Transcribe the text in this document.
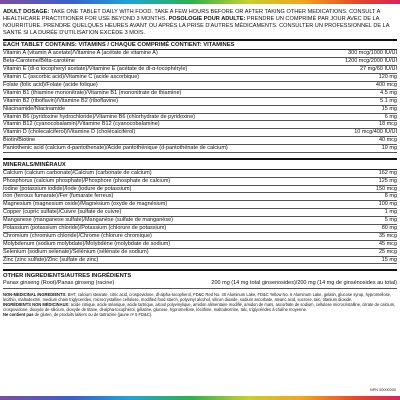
ADULT DOSAGE: TAKE ONE TABLET DAILY WITH FOOD. TAKE A FEW HOURS BEFORE OR AFTER TAKING OTHER MEDICATIONS. CONSULT A HEALTHCARE PRACTITIONER FOR USE BEYOND 3 MONTHS. POSOLOGIE POUR ADULTE: PRENDRE UN COMPRIMÉ PAR JOUR AVEC DE LA NOURRITURE. PRENDRE QUELQUES HEURES AVANT OU APRÈS LA PRISE D'AUTRES MÉDICAMENTS. CONSULTER UN PROFESSIONNEL DE LA SANTÉ SI LA DURÉE D'UTILISATION EXCÈDE 3 MOIS.
EACH TABLET CONTAINS: VITAMINS / CHAQUE COMPRIMÉ CONTIENT: VITAMINES
Vitamin A (vitamin A acetate)/Vitamine A (acétate de vitamine A)	300 mcg/1000 IU/UI
Beta-Carotene/Bêta-carotène	1200 mcg/2000 IU/UI
Vitamin E (dl-α tocopheryl acetate)/Vitamine E (acétate de dl-α-tocophéryle)	27 mg/60 IU/UI
Vitamin C (ascorbic acid)/Vitamine C (acide ascorbique)	120 mg
Folate (folic acid)/Folate (acide folique)	400 mcg
Vitamin B1 (thiamine mononitrate)/Vitamine B1 (mononitrate de thiamine)	4.5 mg
Vitamin B2 (riboflavin)/Vitamine B2 (riboflavine)	5.1 mg
Niacinamide/Niacinamide	15 mg
Vitamin B6 (pyridoxine hydrochloride)/Vitamine B6 (chlorhydrate de pyridoxine)	6 mg
Vitamin B12 (cyanocobalamin)/Vitamine B12 (cyanocobalamine)	18 mcg
Vitamin D (cholecalciferol)/Vitamine D (cholécalciférol)	10 mcg/400 IU/UI
Biotin/Biotine	40 mcg
Pantothenic acid (calcium d-pantothenate)/Acide pantothénique (d-pantothénate de calcium)	10 mg
MINERALS/MINÉRAUX
Calcium (calcium carbonate)/Calcium (carbonate de calcium)	162 mg
Phosphorus (calcium phosphate)/Phosphore (phosphate de calcium)	125 mg
Iodine (potassium iodide)/Iode (iodure de potassium)	150 mcg
Iron (ferrous fumarate)/Fer (fumarate ferreux)	8 mg
Magnesium (magnesium oxide)/Magnésium (oxyde de magnésium)	100 mg
Copper (cupric sulfate)/Cuivre (sulfate de cuivre)	1 mg
Manganese (manganese sulfate)/Manganèse (sulfate de manganèse)	5 mg
Potassium (potassium chloride)/Potassium (chlorure de potassium)	80 mg
Chromium (chromium chloride)/Chrome (chlorure chromique)	35 mcg
Molybdenum (sodium molybdate)/Molybdène (molybdate de sodium)	45 mcg
Selenium (sodium selenate)/Sélénium (sélénate de sodium)	25 mcg
Zinc (zinc sulfate)/Zinc (sulfate de zinc)	15 mg
OTHER INGREDIENTS/AUTRES INGRÉDIENTS
Panax ginseng (Root)/Panax ginseng (racine)	200 mg (14 mg total ginsenosides)/200 mg (14 mg de ginsénosides au total)
NON-MEDICINAL INGREDIENTS: BHT, calcium stearate, citric acid, crospovidone, dl-alpha-tocopherol, FD&C Red No. 40 Aluminum Lake, FD&C Yellow No. 6 Aluminum Lake, gelatin, glucose syrup, hypromellose, lecithin, maltodextrin, medium chain triglycerides, microcrystalline cellulose, modified food starch, polyvinyl alcohol, silicon dioxide, sodium ascorbate, stearic acid, sucrose, talc, titanium dioxide.
INGRÉDIENTS NON MÉDICINAUX: acide citrique, acide stéarique, acide tartrique, alcool polyvinylique, amidon alimentaire modifié, amidon de maïs, ascorbate de sodium, cellulose microcristalline, citrate de calcium, crospovidone, dioxyde de silicium, dioxyde de titane, dl-alpha-tocophérol, gélatine, glucose, hypromellose, lécithine, maltodextrine, talc, triglycérides à chaîne moyenne.
Ne contient pas de gluten, de produits laitiers ou de tartrazine (jaune nº 5 FD&C).
NPN 00000000
